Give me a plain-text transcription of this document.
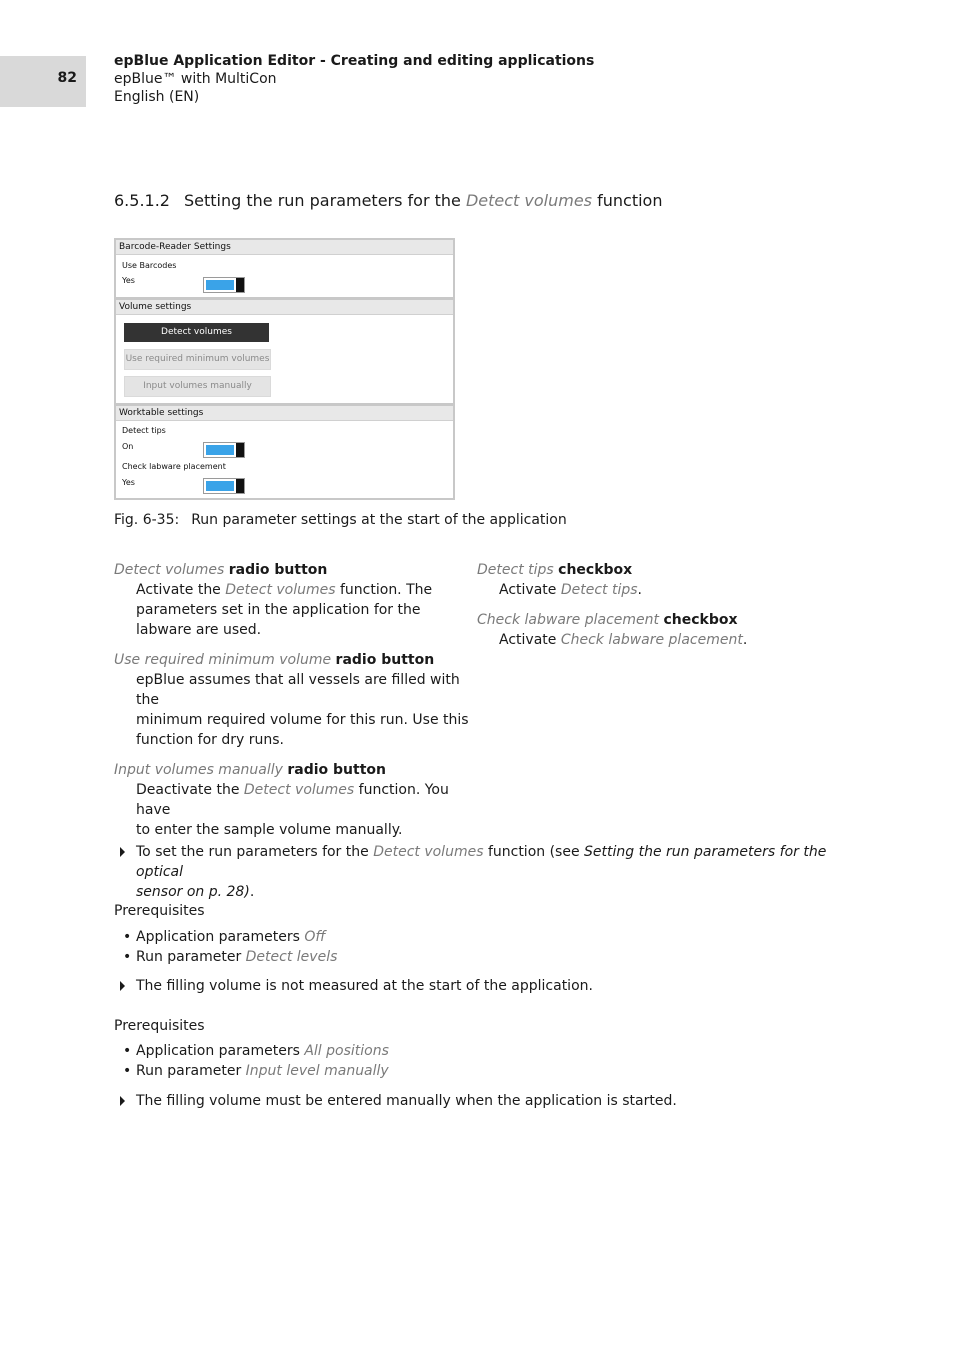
82
epBlue Application Editor - Creating and editing applications
epBlue™ with MultiCon
English (EN)
6.5.1.2 Setting the run parameters for the Detect volumes function
Barcode-Reader Settings
Use Barcodes
Yes
Volume settings
Detect volumes
Use required minimum volumes
Input volumes manually
Worktable settings
Detect tips
On
Check labware placement
Yes
Fig. 6-35: Run parameter settings at the start of the application

Detect volumes radio button

Activate the Detect volumes function. The
parameters set in the application for the
labware are used.

Use required minimum volume radio button

epBlue assumes that all vessels are filled with the
minimum required volume for this run. Use this
function for dry runs.

Input volumes manually radio button

Deactivate the Detect volumes function. You have
to enter the sample volume manually.

Detect tips checkbox

Activate Detect tips.

Check labware placement checkbox

Activate Check labware placement.

To set the run parameters for the Detect volumes function (see Setting the run parameters for the optical
sensor on p. 28).
Prerequisites
• Application parameters Off
• Run parameter Detect levels
The filling volume is not measured at the start of the application.
Prerequisites
• Application parameters All positions
• Run parameter Input level manually
The filling volume must be entered manually when the application is started.
